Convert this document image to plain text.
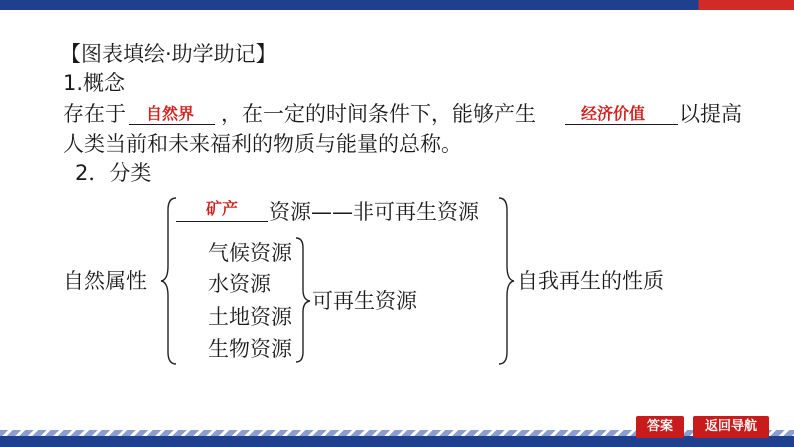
【图表填绘·助学助记】
1.概念
存在于 自然界 ，在一定的时间条件下，能够产生	经济价值 以提高
人类当前和未来福利的物质与能量的总称。
2．分类
自然属性
矿产 资源——非可再生资源
气候资源
水资源
土地资源
生物资源
可再生资源
自我再生的性质
答案	返回导航
